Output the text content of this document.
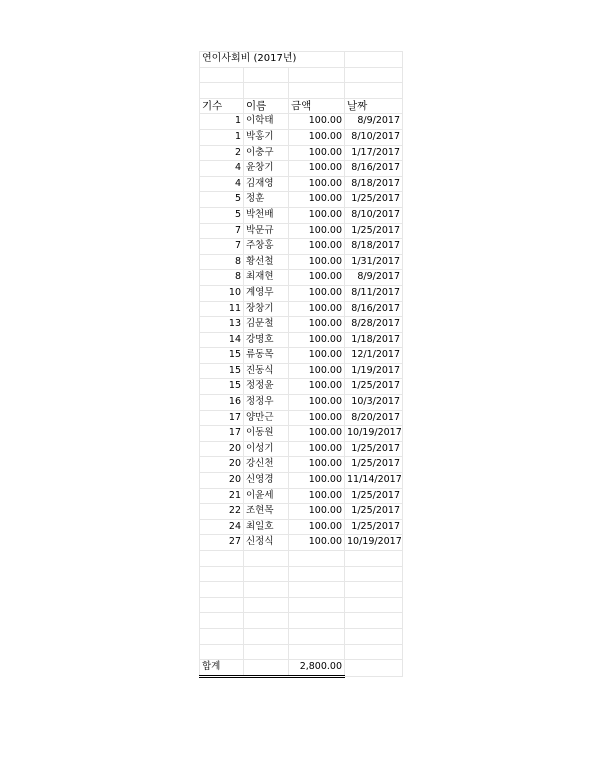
연이사회비 (2017년)			

기수	이름	금액	날짜
1	이학태	100.00	8/9/2017
1	박홍기	100.00	8/10/2017
2	이충구	100.00	1/17/2017
4	윤창기	100.00	8/16/2017
4	김재영	100.00	8/18/2017
5	정훈	100.00	1/25/2017
5	박천배	100.00	8/10/2017
7	박문규	100.00	1/25/2017
7	주창홍	100.00	8/18/2017
8	황선철	100.00	1/31/2017
8	최재현	100.00	8/9/2017
10	계영무	100.00	8/11/2017
11	장창기	100.00	8/16/2017
13	김문철	100.00	8/28/2017
14	강명호	100.00	1/18/2017
15	류동목	100.00	12/1/2017
15	진동식	100.00	1/19/2017
15	정정윤	100.00	1/25/2017
16	정정우	100.00	10/3/2017
17	양만근	100.00	8/20/2017
17	이동원	100.00	10/19/2017
20	이성기	100.00	1/25/2017
20	강신천	100.00	1/25/2017
20	신영경	100.00	11/14/2017
21	이윤세	100.00	1/25/2017
22	조현목	100.00	1/25/2017
24	최일호	100.00	1/25/2017
27	신정식	100.00	10/19/2017

합계		2,800.00	
